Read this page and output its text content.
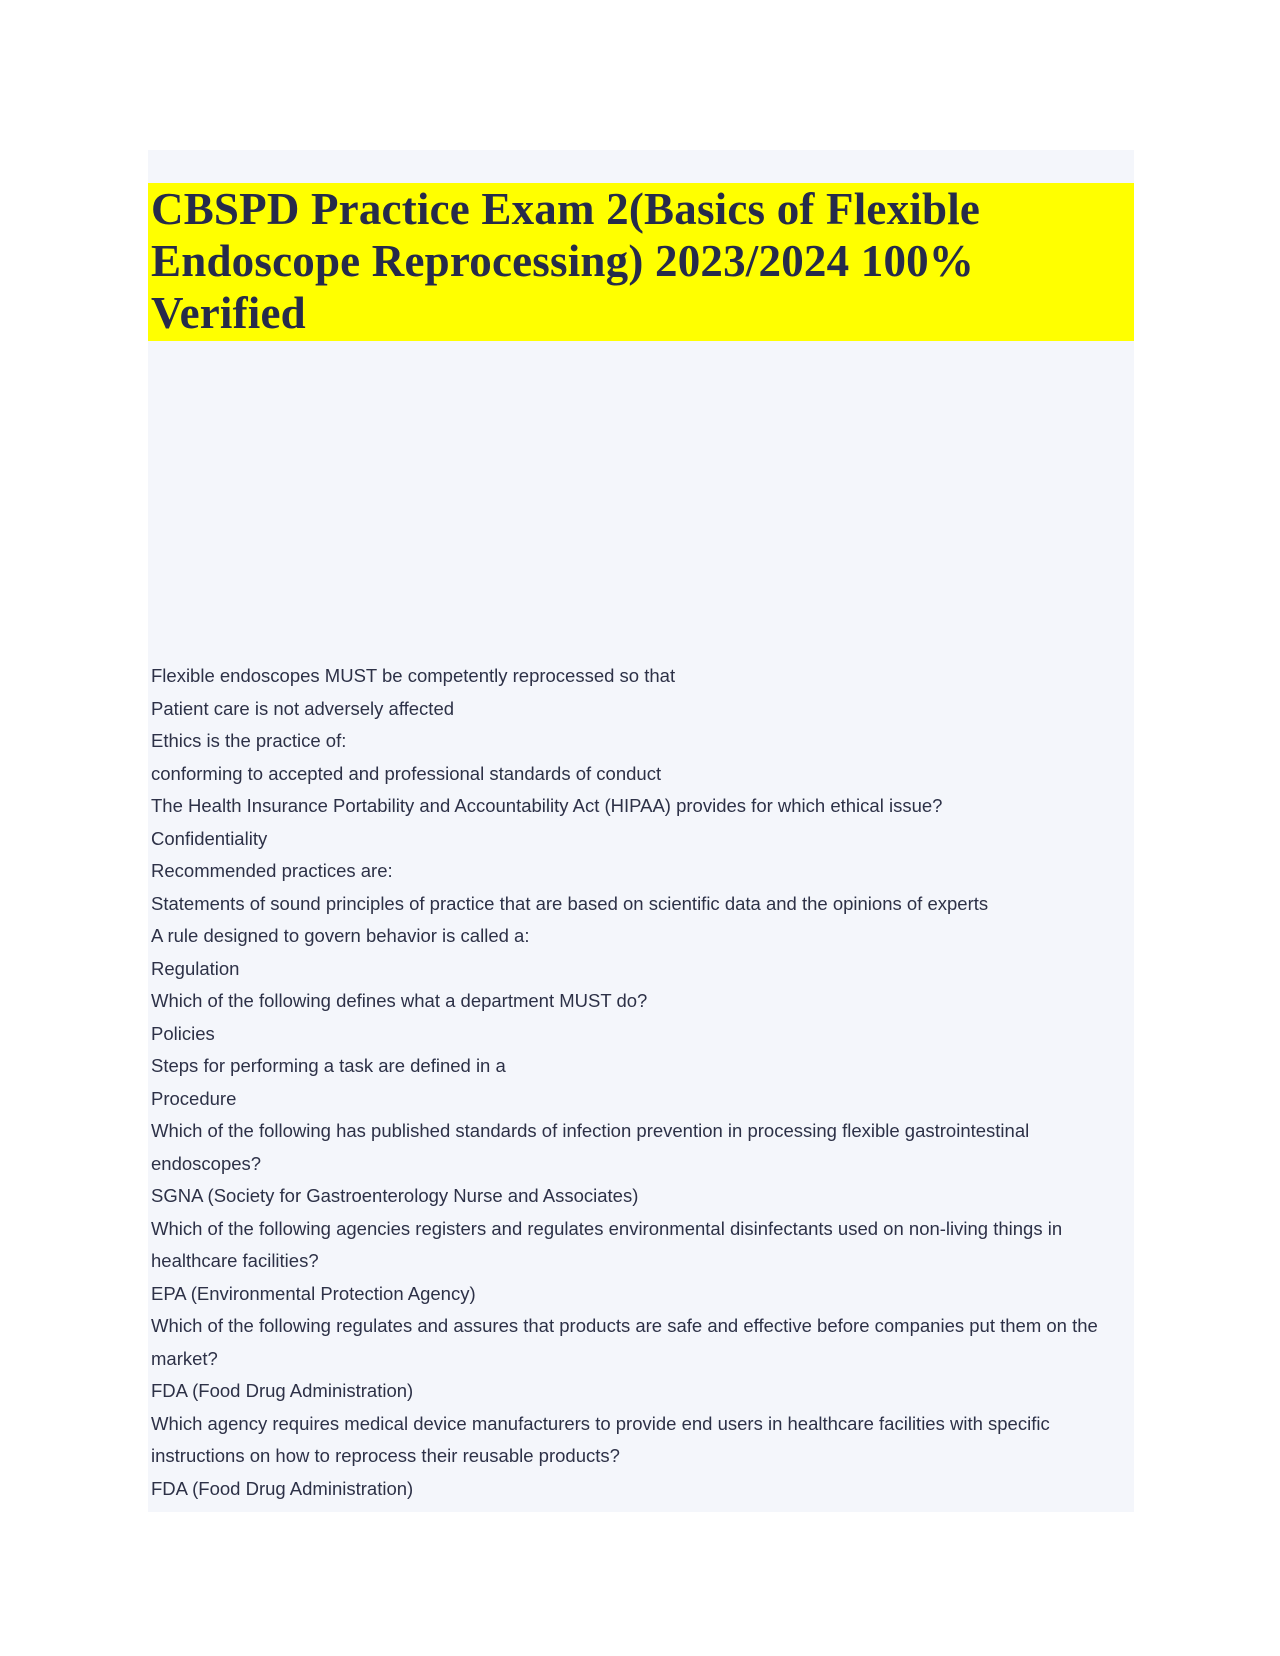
CBSPD Practice Exam 2(Basics of Flexible Endoscope Reprocessing) 2023/2024 100% Verified
Flexible endoscopes MUST be competently reprocessed so that
Patient care is not adversely affected
Ethics is the practice of:
conforming to accepted and professional standards of conduct
The Health Insurance Portability and Accountability Act (HIPAA) provides for which ethical issue?
Confidentiality
Recommended practices are:
Statements of sound principles of practice that are based on scientific data and the opinions of experts
A rule designed to govern behavior is called a:
Regulation
Which of the following defines what a department MUST do?
Policies
Steps for performing a task are defined in a
Procedure
Which of the following has published standards of infection prevention in processing flexible gastrointestinal endoscopes?
SGNA (Society for Gastroenterology Nurse and Associates)
Which of the following agencies registers and regulates environmental disinfectants used on non-living things in healthcare facilities?
EPA (Environmental Protection Agency)
Which of the following regulates and assures that products are safe and effective before companies put them on the market?
FDA (Food Drug Administration)
Which agency requires medical device manufacturers to provide end users in healthcare facilities with specific instructions on how to reprocess their reusable products?
FDA (Food Drug Administration)
